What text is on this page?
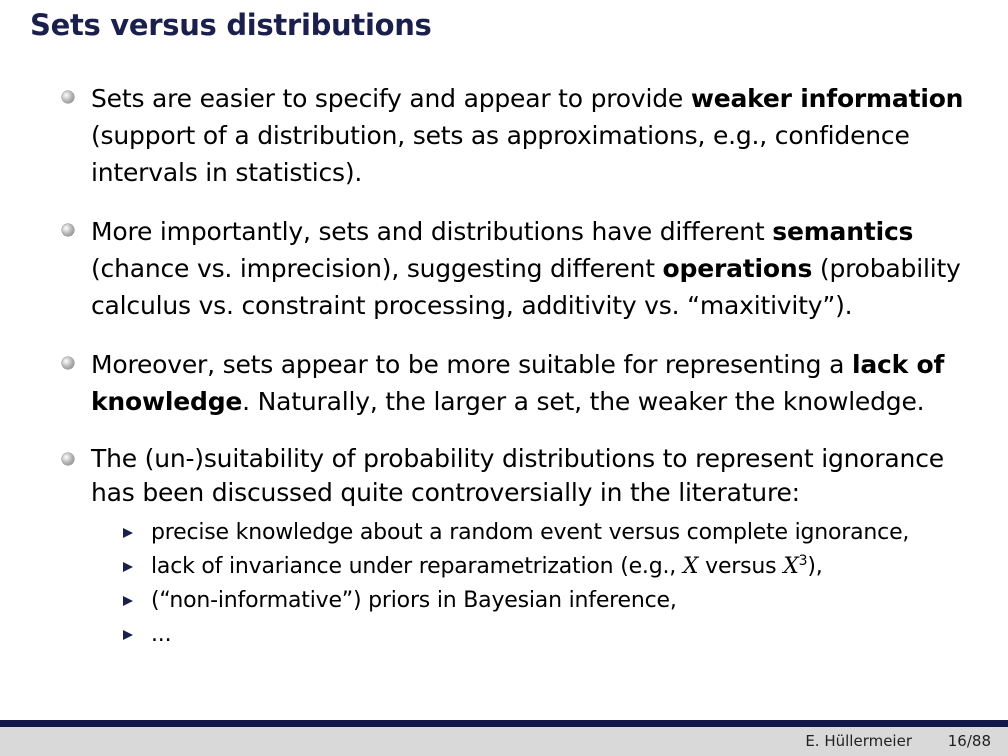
Sets versus distributions
Sets are easier to specify and appear to provide weaker information (support of a distribution, sets as approximations, e.g., confidence intervals in statistics).
More importantly, sets and distributions have different semantics (chance vs. imprecision), suggesting different operations (probability calculus vs. constraint processing, additivity vs. “maxitivity”).
Moreover, sets appear to be more suitable for representing a lack of knowledge. Naturally, the larger a set, the weaker the knowledge.
The (un-)suitability of probability distributions to represent ignorance has been discussed quite controversially in the literature:
precise knowledge about a random event versus complete ignorance,
lack of invariance under reparametrization (e.g., X versus $X^3$),
(“non-informative”) priors in Bayesian inference,
...
E. Hüllermeier 16/88
